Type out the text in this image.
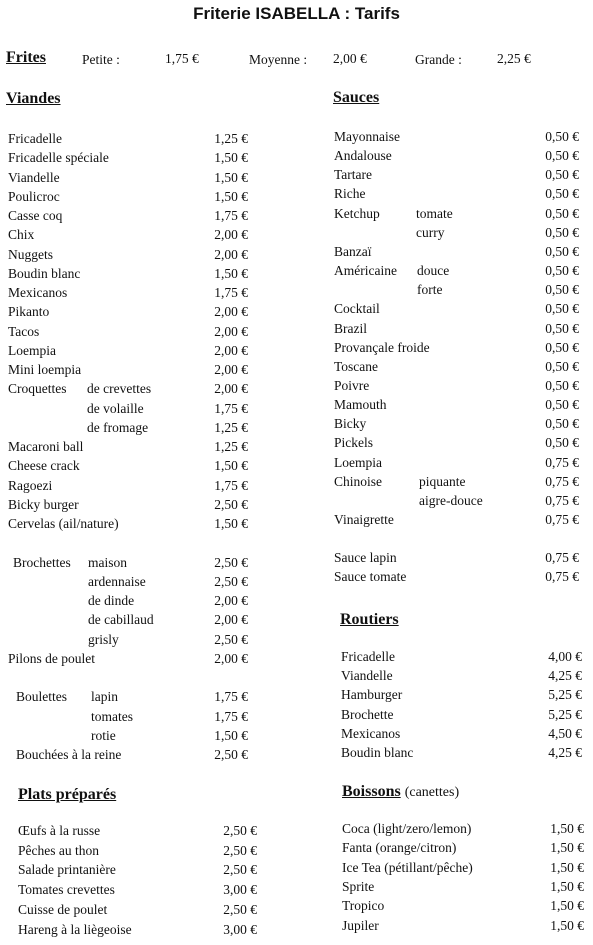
Friterie ISABELLA : Tarifs
Frites	Petite :	1,75 €	Moyenne : 2,00 €	Grande :	2,25 €
Viandes	Sauces
Routiers
Plats préparés	Boissons (canettes)
Fricadelle	1,25 €
Fricadelle spéciale	1,50 €
Viandelle	1,50 €
Poulicroc	1,50 €
Casse coq	1,75 €
Chix	2,00 €
Nuggets	2,00 €
Boudin blanc	1,50 €
Mexicanos	1,75 €
Pikanto	2,00 €
Tacos	2,00 €
Loempia	2,00 €
Mini loempia	2,00 €
Croquettes de crevettes	2,00 €
de volaille	1,75 €
de fromage	1,25 €
Macaroni ball	1,25 €
Cheese crack	1,50 €
Ragoezi	1,75 €
Bicky burger	2,50 €
Cervelas (ail/nature)	1,50 €
Brochettes maison	2,50 €
ardennaise	2,50 €
de dinde	2,00 €
de cabillaud	2,00 €
grisly	2,50 €
Pilons de poulet	2,00 €
Boulettes lapin	1,75 €
tomates	1,75 €
rotie	1,50 €
Bouchées à la reine	2,50 €
Mayonnaise	0,50 €
Andalouse	0,50 €
Tartare	0,50 €
Riche	0,50 €
Ketchup	tomate	0,50 €
curry	0,50 €
Banzaï	0,50 €
Américaine douce	0,50 €
forte	0,50 €
Cocktail	0,50 €
Brazil	0,50 €
Provançale froide	0,50 €
Toscane	0,50 €
Poivre	0,50 €
Mamouth	0,50 €
Bicky	0,50 €
Pickels	0,50 €
Loempia	0,75 €
Chinoise	piquante	0,75 €
aigre-douce	0,75 €
Vinaigrette	0,75 €
Sauce lapin	0,75 €
Sauce tomate	0,75 €
Fricadelle	4,00 €
Viandelle	4,25 €
Hamburger	5,25 €
Brochette	5,25 €
Mexicanos	4,50 €
Boudin blanc	4,25 €
Œufs à la russe	2,50 €
Pêches au thon	2,50 €
Salade printanière	2,50 €
Tomates crevettes	3,00 €
Cuisse de poulet	2,50 €
Hareng à la liègeoise	3,00 €
Coca (light/zero/lemon)	1,50 €
Fanta (orange/citron)	1,50 €
Ice Tea (pétillant/pêche)	1,50 €
Sprite	1,50 €
Tropico	1,50 €
Jupiler	1,50 €
